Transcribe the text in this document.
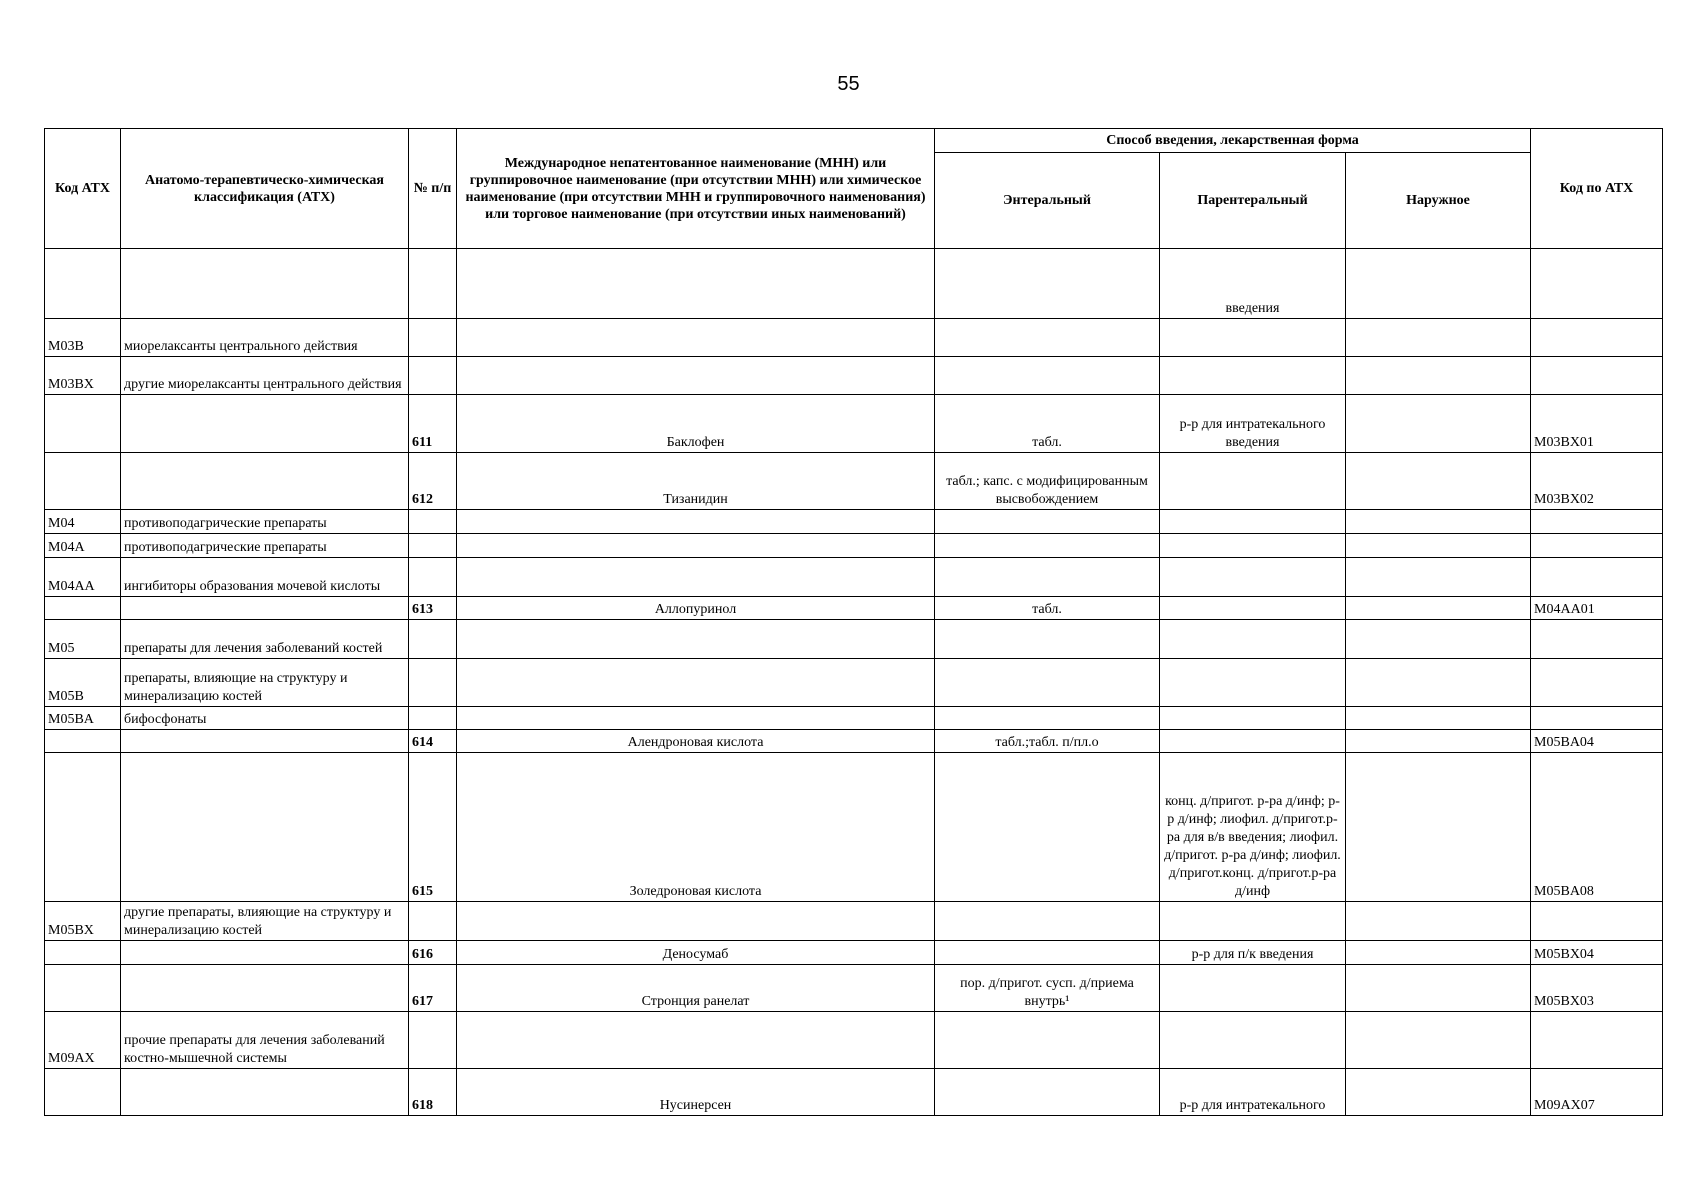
55
Код АТХ	Анатомо-терапевтическо-химическая классификация (АТХ)	№ п/п	Международное непатентованное наименование (МНН) или группировочное наименование (при отсутствии МНН) или химическое наименование (при отсутствии МНН и группировочного наименования) или торговое наименование (при отсутствии иных наименований)	Способ введения, лекарственная форма			Код по АТХ
				Энтеральный	Парентеральный	Наружное	
					введения		
M03B	миорелаксанты центрального действия						
M03BX	другие миорелаксанты центрального действия						
		611	Баклофен	табл.	р-р для интратекального введения		M03BX01
		612	Тизанидин	табл.; капс. с модифицированным высвобождением			M03BX02
M04	противоподагрические препараты						
M04A	противоподагрические препараты						
M04AA	ингибиторы образования мочевой кислоты						
		613	Аллопуринол	табл.			M04AA01
M05	препараты для лечения заболеваний костей						
M05B	препараты, влияющие на структуру и минерализацию костей						
M05BA	бифосфонаты						
		614	Алендроновая кислота	табл.;табл. п/пл.о			M05BA04
		615	Золедроновая кислота		конц. д/пригот. р-ра д/инф; р-р д/инф; лиофил. д/пригот.р-ра для в/в введения; лиофил. д/пригот. р-ра д/инф; лиофил. д/пригот.конц. д/пригот.р-ра д/инф		M05BA08
M05BX	другие препараты, влияющие на структуру и минерализацию костей						
		616	Деносумаб		р-р для п/к введения		M05BX04
		617	Стронция ранелат	пор. д/пригот. сусп. д/приема внутрь¹			M05BX03
M09AX	прочие препараты для лечения заболеваний костно-мышечной системы						
		618	Нусинерсен		р-р для интратекального		M09AX07
